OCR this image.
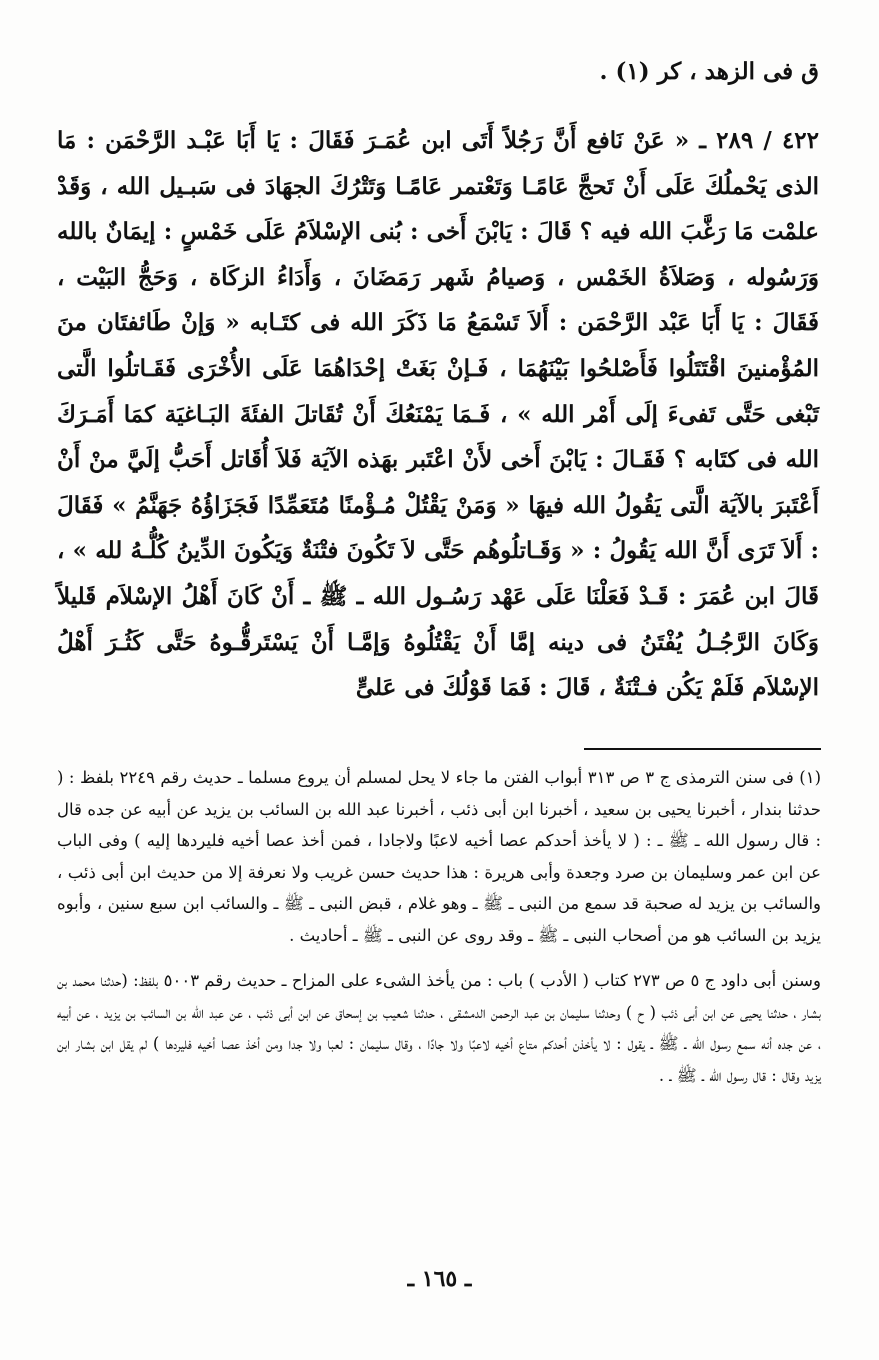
ق فى الزهد ، كر (١) .

٤٢٢ / ٢٨٩ ـ « عَنْ نَافع أَنَّ رَجُلاً أَتَى ابن عُمَـرَ فَقَالَ : يَا أَبَا عَبْـد الرَّحْمَن : مَا الذى يَحْملُكَ عَلَى أَنْ تَحجَّ عَامًـا وَتَعْتمر عَامًـا وَتَتْرُكَ الجهَادَ فى سَبـيل الله ، وَقَدْ علمْت مَا رَغَّبَ الله فيه ؟ قَالَ : يَابْنَ أَخى : بُنى الإسْلاَمُ عَلَى خَمْسٍ : إيمَانٌ بالله وَرَسُوله ، وَصَلاَةُ الخَمْس ، وَصيامُ شَهر رَمَضَانَ ، وَأَدَاءُ الزكَاة ، وَحَجُّ البَيْت ، فَقَالَ : يَا أَبَا عَبْد الرَّحْمَن : أَلاَ تَسْمَعُ مَا ذَكَرَ الله فى كتَـابه « وَإنْ طَائفتَان منَ المُؤْمنينَ اقْتَتَلُوا فَأَصْلحُوا بَيْنَهُمَا ، فَـإنْ بَغَتْ إحْدَاهُمَا عَلَى الأُخْرَى فَقَـاتلُوا الَّتى تَبْغى حَتَّى تَفىءَ إلَى أَمْر الله » ، فَـمَا يَمْنَعُكَ أَنْ تُقَاتلَ الفئَةَ البَـاغيَة كمَا أَمَـرَكَ الله فى كتَابه ؟ فَقَـالَ : يَابْنَ أَخى لأَنْ اعْتَبر بهَذه الآيَة فَلاَ أُقَاتل أَحَبُّ إلَيَّ منْ أَنْ أَعْتَبرَ بالآيَة الَّتى يَقُولُ الله فيهَا « وَمَنْ يَقْتُلْ مُـؤْمنًا مُتَعَمِّدًا فَجَزَاؤُهُ جَهَنَّمُ » فَقَالَ : أَلاَ تَرَى أَنَّ الله يَقُولُ : « وَقَـاتلُوهُم حَتَّى لاَ تَكُونَ فتْنَةٌ وَيَكُونَ الدِّينُ كُلُّـهُ لله » ، قَالَ ابن عُمَرَ : قَـدْ فَعَلْنَا عَلَى عَهْد رَسُـول الله ـ ﷺ ـ أَنْ كَانَ أَهْلُ الإسْلاَم قَليلاً وَكَانَ الرَّجُـلُ يُفْتَنُ فى دينه إمَّا أَنْ يَقْتُلُوهُ وَإمَّـا أَنْ يَسْتَرقُّـوهُ حَتَّى كَثُـرَ أَهْلُ الإسْلاَم فَلَمْ يَكُن فـتْنَةٌ ، قَالَ : فَمَا قَوْلُكَ فى عَلىٍّ

(١) فى سنن الترمذى ج ٣ ص ٣١٣ أبواب الفتن ما جاء لا يحل لمسلم أن يروع مسلما ـ حديث رقم ٢٢٤٩ بلفظ : ( حدثنا بندار ، أخبرنا يحيى بن سعيد ، أخبرنا ابن أبى ذئب ، أخبرنا عبد الله بن السائب بن يزيد عن أبيه عن جده قال : قال رسول الله ـ ﷺ ـ : ( لا يأخذ أحدكم عصا أخيه لاعبًا ولاجادا ، فمن أخذ عصا أخيه فليردها إليه ) وفى الباب عن ابن عمر وسليمان بن صرد وجعدة وأبى هريرة : هذا حديث حسن غريب ولا نعرفة إلا من حديث ابن أبى ذئب ، والسائب بن يزيد له صحبة قد سمع من النبى ـ ﷺ ـ وهو غلام ، قبض النبى ـ ﷺ ـ والسائب ابن سبع سنين ، وأبوه يزيد بن السائب هو من أصحاب النبى ـ ﷺ ـ وقد روى عن النبى ـ ﷺ ـ أحاديث .

وسنن أبى داود ج ٥ ص ٢٧٣ كتاب ( الأدب ) باب : من يأخذ الشىء على المزاح ـ حديث رقم ٥٠٠٣ بلفظ: (حدثنا محمد بن بشار ، حدثنا يحيى عن ابن أبى ذئب ( ح ) وحدثنا سليمان بن عبد الرحمن الدمشقى ، حدثنا شعيب بن إسحاق عن ابن أبى ذئب ، عن عبد الله بن السائب بن يزيد ، عن أبيه ، عن جده أنه سمع رسول الله ـ ﷺ ـ يقول : لا يأخذن أحدكم متاع أخيه لاعبًا ولا جادًا ، وقال سليمان : لعبا ولا جدا ومن أخذ عصا أخيه فليردها ) لم يقل ابن بشار ابن يزيد وقال : قال رسول الله ـ ﷺ ـ .

ـ ١٦٥ ـ
